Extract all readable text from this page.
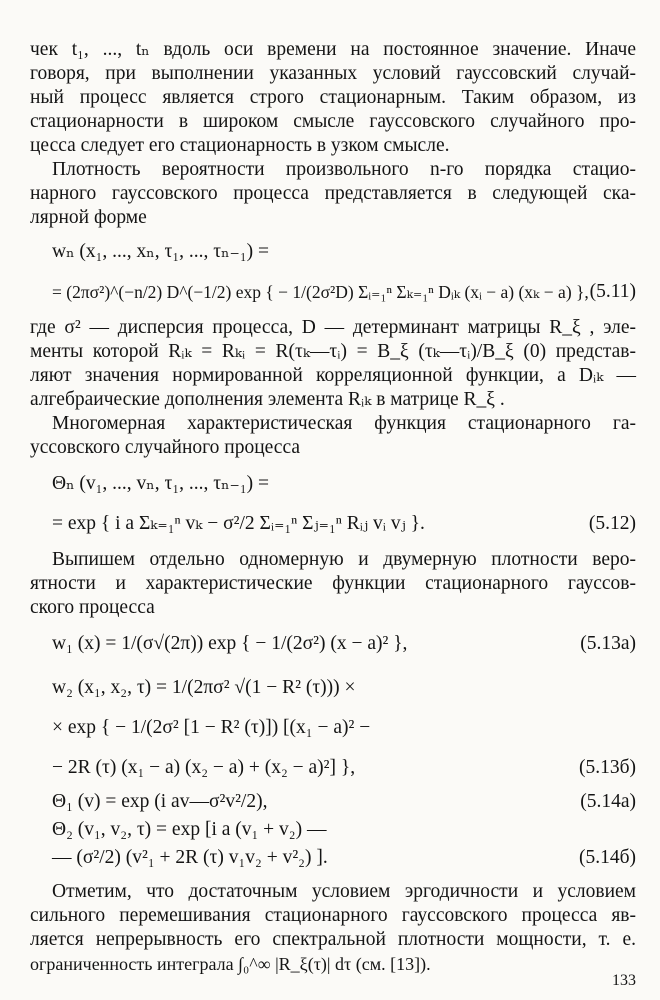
чек t₁, ..., tₙ вдоль оси времени на постоянное значение. Иначе
говоря, при выполнении указанных условий гауссовский случай-
ный процесс является строго стационарным. Таким образом, из
стационарности в широком смысле гауссовского случайного про-
цесса следует его стационарность в узком смысле.
Плотность вероятности произвольного n-го порядка стацио-
нарного гауссовского процесса представляется в следующей ска-
лярной форме
wₙ (x₁, ..., xₙ, τ₁, ..., τₙ₋₁) =
= (2πσ²)^(−n/2) D^(−1/2) exp { − 1/(2σ²D) Σᵢ₌₁ⁿ Σₖ₌₁ⁿ Dᵢₖ (xᵢ − a) (xₖ − a) }, (5.11)
где σ² — дисперсия процесса, D — детерминант матрицы R_ξ , эле-
менты которой Rᵢₖ = Rₖᵢ = R(τₖ—τᵢ) = B_ξ (τₖ—τᵢ)/B_ξ (0) представ-
ляют значения нормированной корреляционной функции, а Dᵢₖ —
алгебраические дополнения элемента Rᵢₖ в матрице R_ξ .
Многомерная характеристическая функция стационарного га-
уссовского случайного процесса
Θₙ (v₁, ..., vₙ, τ₁, ..., τₙ₋₁) =
= exp { i a Σₖ₌₁ⁿ vₖ − σ²/2 Σᵢ₌₁ⁿ Σⱼ₌₁ⁿ Rᵢⱼ vᵢ vⱼ }.	(5.12)
Выпишем отдельно одномерную и двумерную плотности веро-
ятности и характеристические функции стационарного гауссов-
ского процесса
w₁ (x) = 1/(σ√(2π)) exp { − 1/(2σ²) (x − a)² },	(5.13а)
w₂ (x₁, x₂, τ) = 1/(2πσ² √(1 − R² (τ))) ×
× exp { − 1/(2σ² [1 − R² (τ)]) [(x₁ − a)² −
− 2R (τ) (x₁ − a) (x₂ − a) + (x₂ − a)²] },	(5.13б)
Θ₁ (v) = exp (i av—σ²v²/2),	(5.14а)
Θ₂ (v₁, v₂, τ) = exp [i a (v₁ + v₂) —
— (σ²/2) (v²₁ + 2R (τ) v₁v₂ + v²₂) ].	(5.14б)
Отметим, что достаточным условием эргодичности и условием
сильного перемешивания стационарного гауссовского процесса яв-
ляется непрерывность его спектральной плотности мощности, т. е.
ограниченность интеграла ∫₀^∞ |R_ξ(τ)| dτ (см. [13]).
133
